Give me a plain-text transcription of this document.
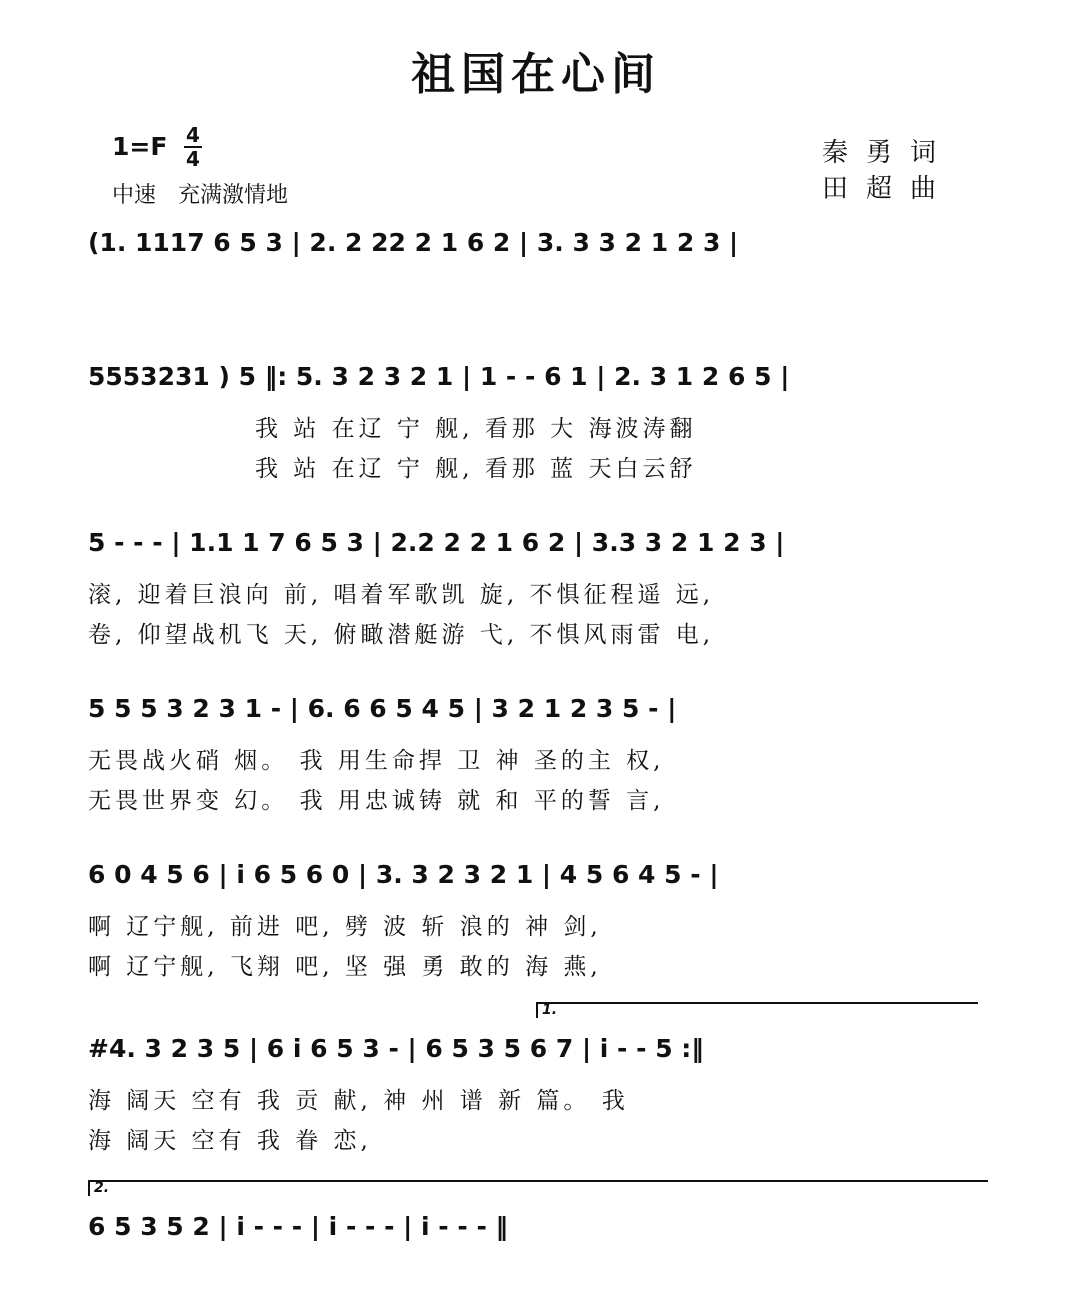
祖国在心间
1=F 4
4
中速　充满激情地
秦勇词
田超曲
(1. 1117 6 5 3 | 2. 2 22 2 1 6 2 | 3. 3 3 2 1 2 3 |
5553231 ) 5 ‖: 5. 3 2 3 2 1 | 1 - - 6 1 | 2. 3 1 2 6 5 |
我 站 在辽 宁 舰, 看那 大 海波涛翻
我 站 在辽 宁 舰, 看那 蓝 天白云舒
5 - - - | 1.1 1 7 6 5 3 | 2.2 2 2 1 6 2 | 3.3 3 2 1 2 3 |
滚, 迎着巨浪向 前, 唱着军歌凯 旋, 不惧征程遥 远,
卷, 仰望战机飞 天, 俯瞰潜艇游 弋, 不惧风雨雷 电,
5 5 5 3 2 3 1 - | 6. 6 6 5 4 5 | 3 2 1 2 3 5 - |
无畏战火硝 烟。 我 用生命捍 卫 神 圣的主 权,
无畏世界变 幻。 我 用忠诚铸 就 和 平的誓 言,
6 0 4 5 6 | i 6 5 6 0 | 3. 3 2 3 2 1 | 4 5 6 4 5 - |
啊 辽宁舰, 前进 吧, 劈 波 斩 浪的 神 剑,
啊 辽宁舰, 飞翔 吧, 坚 强 勇 敢的 海 燕,
1.
#4. 3 2 3 5 | 6 i 6 5 3 - | 6 5 3 5 6 7 | i - - 5 :‖
海 阔天 空有 我 贡 献, 神 州 谱 新 篇。 我
海 阔天 空有 我 眷 恋,
2.
6 5 3 5 2 | i - - - | i - - - | i - - - ‖
